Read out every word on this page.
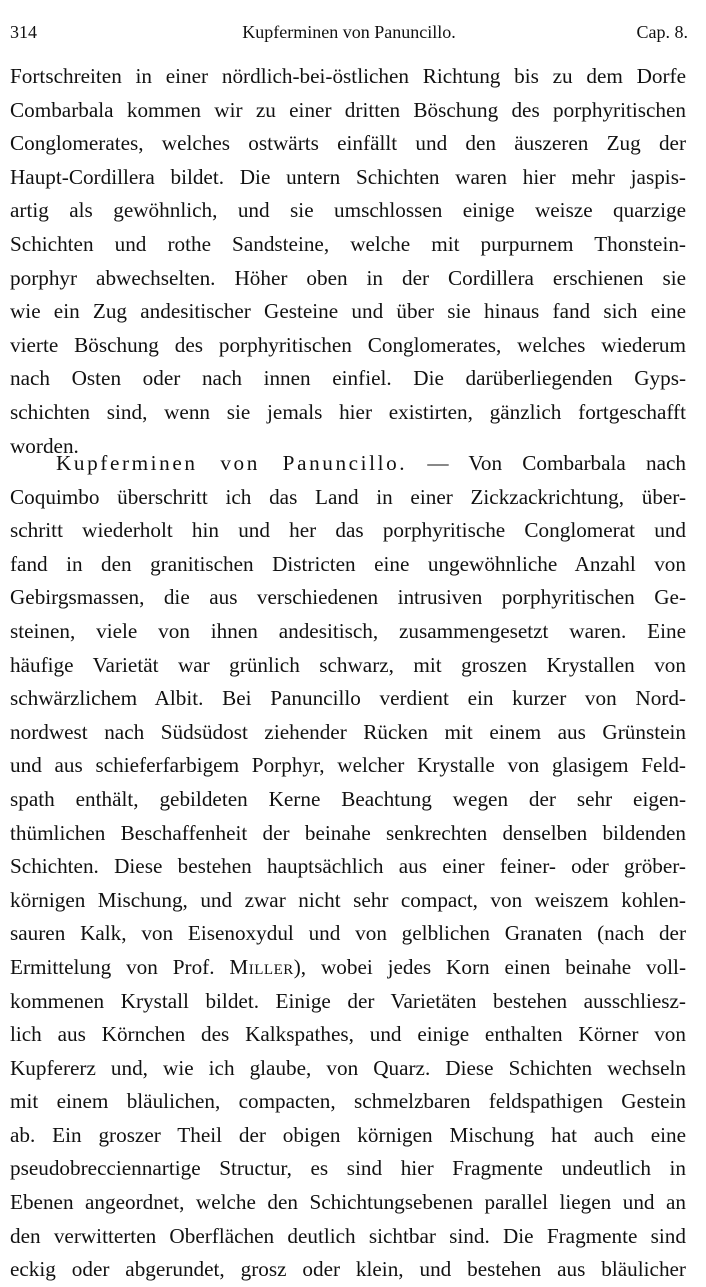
314	Kupferminen von Panuncillo.	Cap. 8.
Fortschreiten in einer nördlich-bei-östlichen Richtung bis zu dem Dorfe
Combarbala kommen wir zu einer dritten Böschung des porphyritischen
Conglomerates, welches ostwärts einfällt und den äuszeren Zug der
Haupt-Cordillera bildet. Die untern Schichten waren hier mehr jaspis-
artig als gewöhnlich, und sie umschlossen einige weisze quarzige
Schichten und rothe Sandsteine, welche mit purpurnem Thonstein-
porphyr abwechselten. Höher oben in der Cordillera erschienen sie
wie ein Zug andesitischer Gesteine und über sie hinaus fand sich eine
vierte Böschung des porphyritischen Conglomerates, welches wiederum
nach Osten oder nach innen einfiel. Die darüberliegenden Gyps-
schichten sind, wenn sie jemals hier existirten, gänzlich fortgeschafft
worden.
Kupferminen von Panuncillo. — Von Combarbala nach
Coquimbo überschritt ich das Land in einer Zickzackrichtung, über-
schritt wiederholt hin und her das porphyritische Conglomerat und
fand in den granitischen Districten eine ungewöhnliche Anzahl von
Gebirgsmassen, die aus verschiedenen intrusiven porphyritischen Ge-
steinen, viele von ihnen andesitisch, zusammengesetzt waren. Eine
häufige Varietät war grünlich schwarz, mit groszen Krystallen von
schwärzlichem Albit. Bei Panuncillo verdient ein kurzer von Nord-
nordwest nach Südsüdost ziehender Rücken mit einem aus Grünstein
und aus schieferfarbigem Porphyr, welcher Krystalle von glasigem Feld-
spath enthält, gebildeten Kerne Beachtung wegen der sehr eigen-
thümlichen Beschaffenheit der beinahe senkrechten denselben bildenden
Schichten. Diese bestehen hauptsächlich aus einer feiner- oder gröber-
körnigen Mischung, und zwar nicht sehr compact, von weiszem kohlen-
sauren Kalk, von Eisenoxydul und von gelblichen Granaten (nach der
Ermittelung von Prof. Miller), wobei jedes Korn einen beinahe voll-
kommenen Krystall bildet. Einige der Varietäten bestehen ausschliesz-
lich aus Körnchen des Kalkspathes, und einige enthalten Körner von
Kupfererz und, wie ich glaube, von Quarz. Diese Schichten wechseln
mit einem bläulichen, compacten, schmelzbaren feldspathigen Gestein
ab. Ein groszer Theil der obigen körnigen Mischung hat auch eine
pseudobrecciennartige Structur, es sind hier Fragmente undeutlich in
Ebenen angeordnet, welche den Schichtungsebenen parallel liegen und an
den verwitterten Oberflächen deutlich sichtbar sind. Die Fragmente sind
eckig oder abgerundet, grosz oder klein, und bestehen aus bläulicher
